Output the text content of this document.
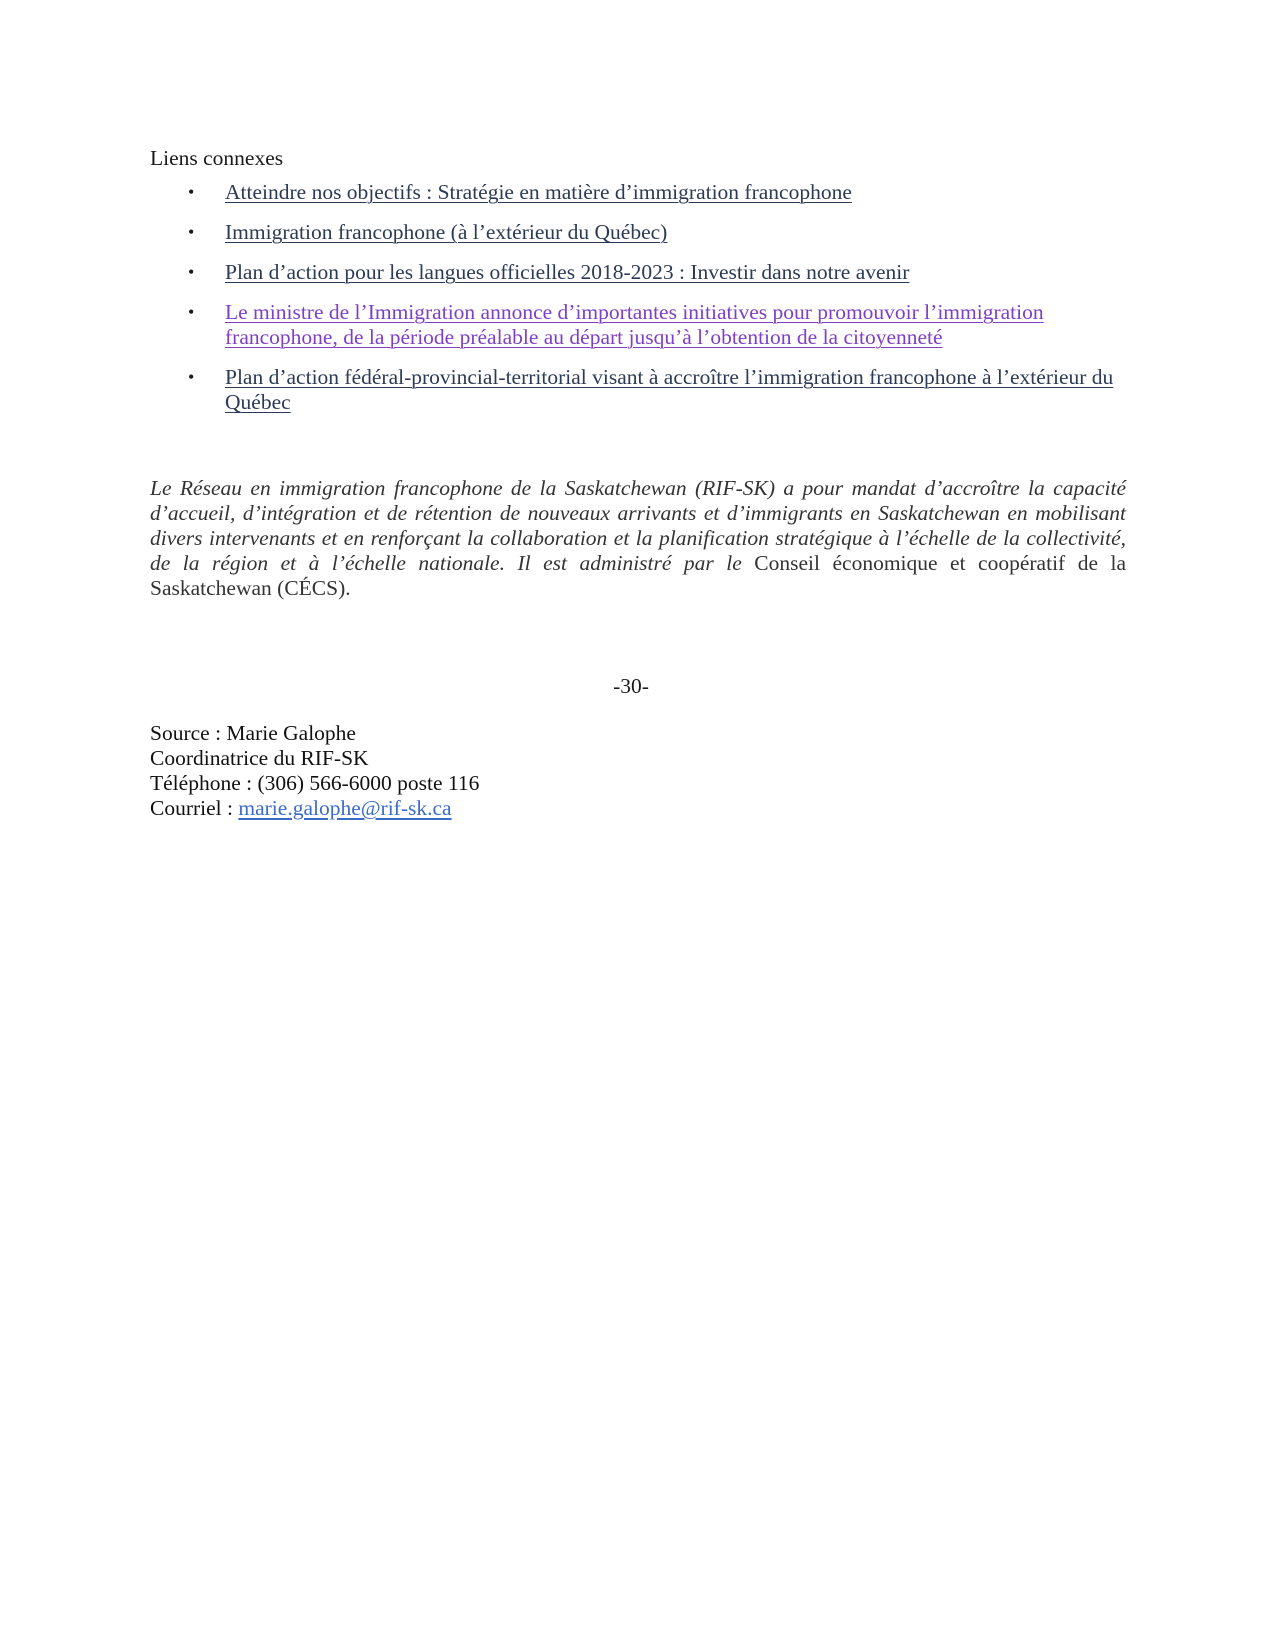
Liens connexes
• Atteindre nos objectifs : Stratégie en matière d’immigration francophone
• Immigration francophone (à l’extérieur du Québec)
• Plan d’action pour les langues officielles 2018-2023 : Investir dans notre avenir
• Le ministre de l’Immigration annonce d’importantes initiatives pour promouvoir l’immigration francophone, de la période préalable au départ jusqu’à l’obtention de la citoyenneté
• Plan d’action fédéral-provincial-territorial visant à accroître l’immigration francophone à l’extérieur du Québec

Le Réseau en immigration francophone de la Saskatchewan (RIF-SK) a pour mandat d’accroître la capacité d’accueil, d’intégration et de rétention de nouveaux arrivants et d’immigrants en Saskatchewan en mobilisant divers intervenants et en renforçant la collaboration et la planification stratégique à l’échelle de la collectivité, de la région et à l’échelle nationale. Il est administré par le Conseil économique et coopératif de la Saskatchewan (CÉCS).

-30-
Source : Marie Galophe
Coordinatrice du RIF-SK
Téléphone : (306) 566-6000 poste 116
Courriel : marie.galophe@rif-sk.ca
